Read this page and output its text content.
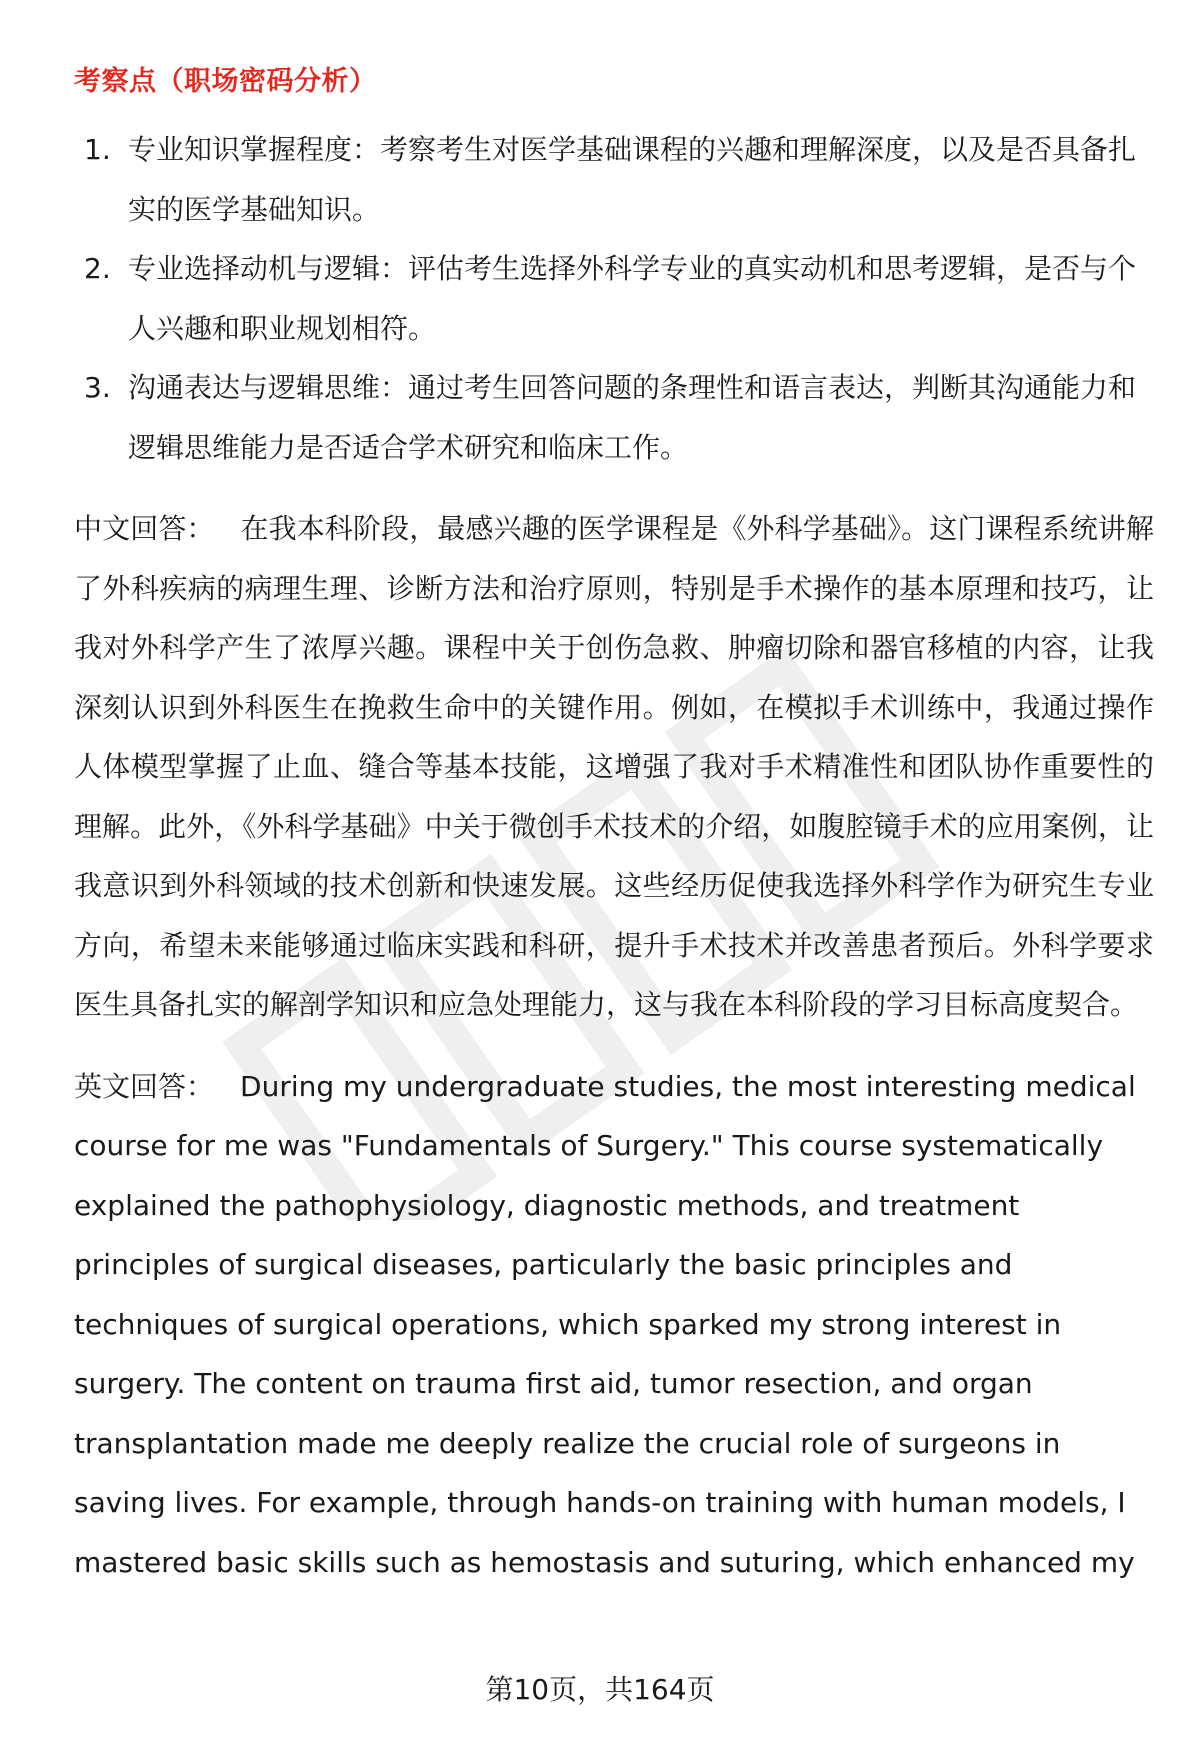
考察点（职场密码分析）
1. 专业知识掌握程度：考察考生对医学基础课程的兴趣和理解深度，以及是否具备扎实的医学基础知识。
2. 专业选择动机与逻辑：评估考生选择外科学专业的真实动机和思考逻辑，是否与个人兴趣和职业规划相符。
3. 沟通表达与逻辑思维：通过考生回答问题的条理性和语言表达，判断其沟通能力和逻辑思维能力是否适合学术研究和临床工作。
中文回答： 在我本科阶段，最感兴趣的医学课程是《外科学基础》。这门课程系统讲解了外科疾病的病理生理、诊断方法和治疗原则，特别是手术操作的基本原理和技巧，让我对外科学产生了浓厚兴趣。课程中关于创伤急救、肿瘤切除和器官移植的内容，让我深刻认识到外科医生在挽救生命中的关键作用。例如，在模拟手术训练中，我通过操作人体模型掌握了止血、缝合等基本技能，这增强了我对手术精准性和团队协作重要性的理解。此外，《外科学基础》中关于微创手术技术的介绍，如腹腔镜手术的应用案例，让我意识到外科领域的技术创新和快速发展。这些经历促使我选择外科学作为研究生专业方向，希望未来能够通过临床实践和科研，提升手术技术并改善患者预后。外科学要求医生具备扎实的解剖学知识和应急处理能力，这与我在本科阶段的学习目标高度契合。
英文回答： During my undergraduate studies, the most interesting medical course for me was "Fundamentals of Surgery." This course systematically explained the pathophysiology, diagnostic methods, and treatment principles of surgical diseases, particularly the basic principles and techniques of surgical operations, which sparked my strong interest in surgery. The content on trauma first aid, tumor resection, and organ transplantation made me deeply realize the crucial role of surgeons in saving lives. For example, through hands-on training with human models, I mastered basic skills such as hemostasis and suturing, which enhanced my
第10页，共164页
